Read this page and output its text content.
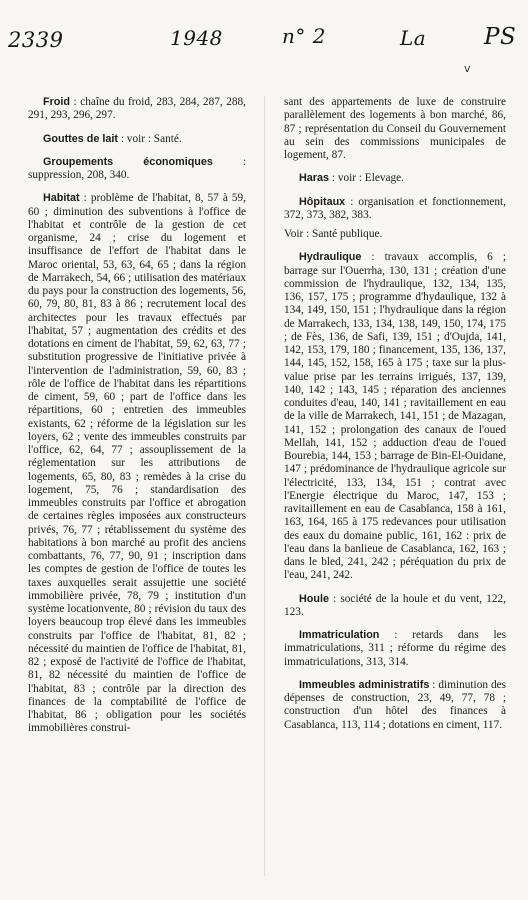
2339	1948	n° 2	La	PS
v

Froid : chaîne du froid, 283, 284, 287, 288, 291, 293, 296, 297.

Gouttes de lait : voir : Santé.

Groupements économiques : suppression, 208, 340.

Habitat : problème de l'habitat, 8, 57 à 59, 60 ; diminution des subventions à l'office de l'habitat et contrôle de la gestion de cet organisme, 24 ; crise du logement et insuffisance de l'effort de l'habitat dans le Maroc oriental, 53, 63, 64, 65 ; dans la région de Marrakech, 54, 66 ; utilisation des matériaux du pays pour la construction des logements, 56, 60, 79, 80, 81, 83 à 86 ; recrutement local des architectes pour les travaux effectués par l'habitat, 57 ; augmentation des crédits et des dotations en ciment de l'habitat, 59, 62, 63, 77 ; substitution progressive de l'initiative privée à l'intervention de l'administration, 59, 60, 83 ; rôle de l'office de l'habitat dans les répartitions de ciment, 59, 60 ; part de l'office dans les répartitions, 60 ; entretien des immeubles existants, 62 ; réforme de la législation sur les loyers, 62 ; vente des immeubles construits par l'office, 62, 64, 77 ; assouplissement de la réglementation sur les attributions de logements, 65, 80, 83 ; remèdes à la crise du logement, 75, 76 ; standardisation des immeubles construits par l'office et abrogation de certaines règles imposées aux constructeurs privés, 76, 77 ; rétablissement du système des habitations à bon marché au profit des anciens combattants, 76, 77, 90, 91 ; inscription dans les comptes de gestion de l'office de toutes les taxes auxquelles serait assujettie une société immobilière privée, 78, 79 ; institution d'un système locationvente, 80 ; révision du taux des loyers beaucoup trop élevé dans les immeubles construits par l'office de l'habitat, 81, 82 ; nécessité du maintien de l'office de l'habitat, 81, 82 ; exposé de l'activité de l'office de l'habitat, 81, 82 nécessité du maintien de l'office de l'habitat, 83 ; contrôle par la direction des finances de la comptabilité de l'office de l'habitat, 86 ; obligation pour les sociétés immobilières construi-

sant des appartements de luxe de construire parallèlement des logements à bon marché, 86, 87 ; représentation du Conseil du Gouvernement au sein des commissions municipales de logement, 87.

Haras : voir : Elevage.

Hôpitaux : organisation et fonctionnement, 372, 373, 382, 383.

Voir : Santé publique.

Hydraulique : travaux accomplis, 6 ; barrage sur l'Ouerrha, 130, 131 ; création d'une commission de l'hydraulique, 132, 134, 135, 136, 157, 175 ; programme d'hydaulique, 132 à 134, 149, 150, 151 ; l'hydraulique dans la région de Marrakech, 133, 134, 138, 149, 150, 174, 175 ; de Fès, 136, de Safi, 139, 151 ; d'Oujda, 141, 142, 153, 179, 180 ; financement, 135, 136, 137, 144, 145, 152, 158, 165 à 175 ; taxe sur la plus-value prise par les terrains irrigués, 137, 139, 140, 142 ; 143, 145 ; réparation des anciennes conduites d'eau, 140, 141 ; ravitaillement en eau de la ville de Marrakech, 141, 151 ; de Mazagan, 141, 152 ; prolongation des canaux de l'oued Mellah, 141, 152 ; adduction d'eau de l'oued Bourebia, 144, 153 ; barrage de Bin-El-Ouidane, 147 ; prédominance de l'hydraulique agricole sur l'électricité, 133, 134, 151 ; contrat avec l'Energie électrique du Maroc, 147, 153 ; ravitaillement en eau de Casablanca, 158 à 161, 163, 164, 165 à 175 redevances pour utilisation des eaux du domaine public, 161, 162 : prix de l'eau dans la banlieue de Casablanca, 162, 163 ; dans le bled, 241, 242 ; péréquation du prix de l'eau, 241, 242.

Houle : société de la houle et du vent, 122, 123.

Immatriculation : retards dans les immatriculations, 311 ; réforme du régime des immatriculations, 313, 314.

Immeubles administratifs : diminution des dépenses de construction, 23, 49, 77, 78 ; construction d'un hôtel des finances à Casablanca, 113, 114 ; dotations en ciment, 117.
